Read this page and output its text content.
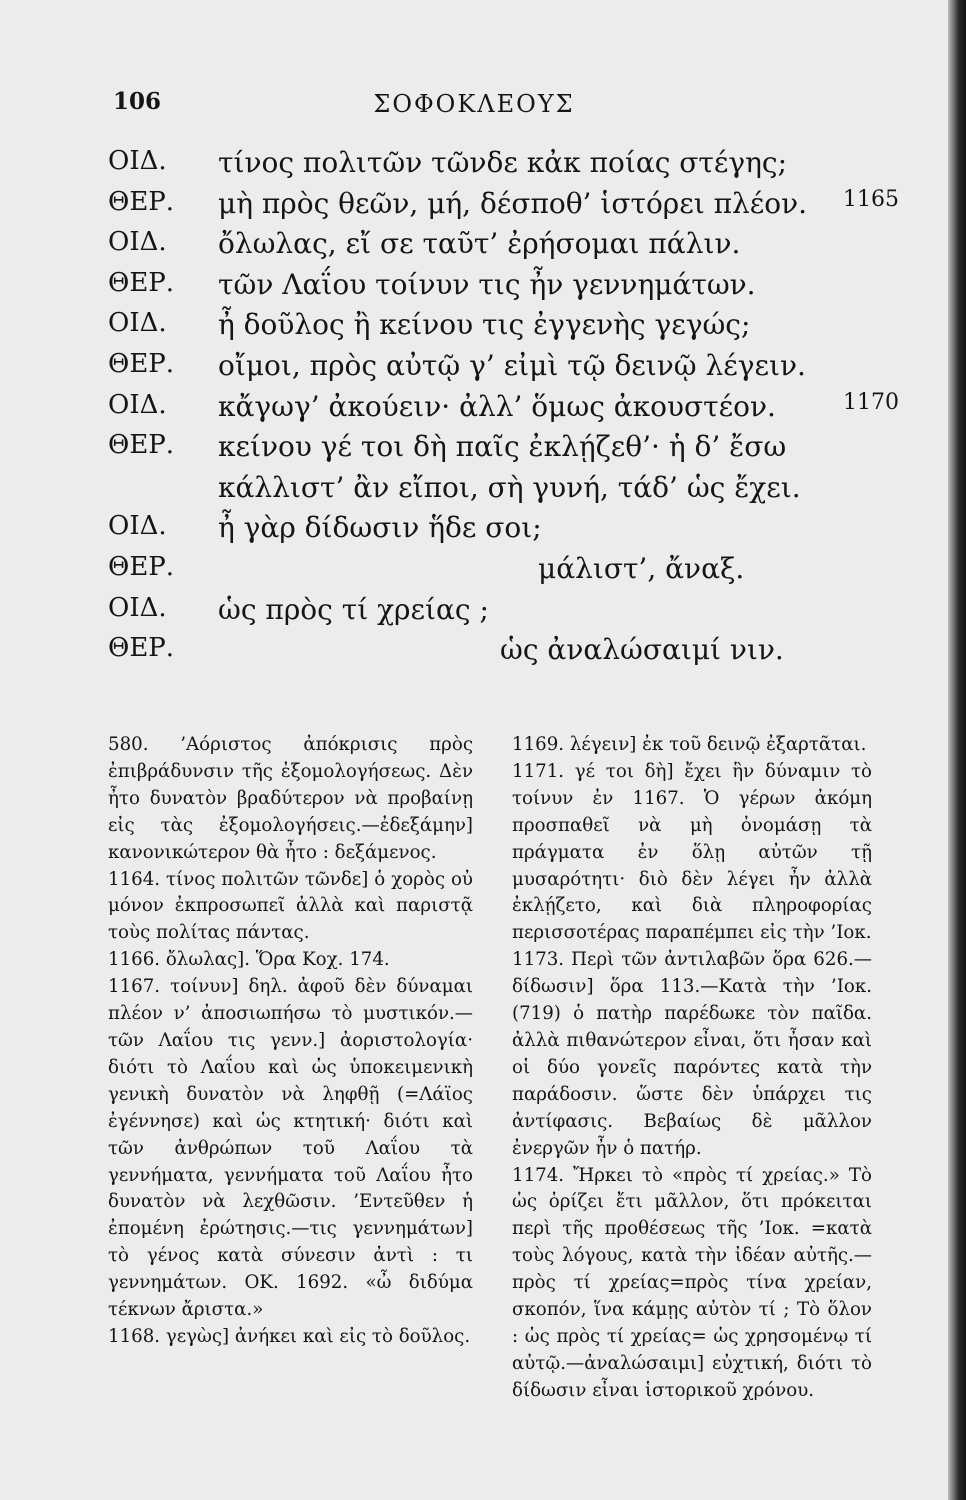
106	ΣΟΦΟΚΛΕΟΥΣ
ΟΙΔ. τίνος πολιτῶν τῶνδε κἀκ ποίας στέγης;
ΘΕΡ. μὴ πρὸς θεῶν, μή, δέσποθ’ ἱστόρει πλέον. 1165
ΟΙΔ. ὄλωλας, εἴ σε ταῦτ’ ἐρήσομαι πάλιν.
ΘΕΡ. τῶν Λαΐου τοίνυν τις ἦν γεννημάτων.
ΟΙΔ. ἦ δοῦλος ἢ κείνου τις ἐγγενὴς γεγώς;
ΘΕΡ. οἴμοι, πρὸς αὐτῷ γ’ εἰμὶ τῷ δεινῷ λέγειν.
ΟΙΔ. κἄγωγ’ ἀκούειν· ἀλλ’ ὅμως ἀκουστέον.	1170
ΘΕΡ. κείνου γέ τοι δὴ παῖς ἐκλῄζεθ’· ἡ δ’ ἔσω
κάλλιστ’ ἂν εἴποι, σὴ γυνή, τάδ’ ὡς ἔχει.
ΟΙΔ. ἦ γὰρ δίδωσιν ἥδε σοι;
ΘΕΡ.	μάλιστ’, ἄναξ.
ΟΙΔ. ὡς πρὸς τί χρείας ;
ΘΕΡ.	ὡς ἀναλώσαιμί νιν.

580. ’Αόριστος ἀπόκρισις πρὸς ἐπιβράδυνσιν τῆς ἐξομολογήσεως. Δὲν ἦτο δυνατὸν βραδύτερον νὰ προβαίνῃ εἰς τὰς ἐξομολογήσεις.—ἐδεξάμην] κανονικώτερον θὰ ἦτο : δεξάμενος.

1164. τίνος πολιτῶν τῶνδε] ὁ χορὸς οὐ μόνον ἐκπροσωπεῖ ἀλλὰ καὶ παριστᾷ τοὺς πολίτας πάντας.

1166. ὄλωλας]. Ὅρα Κοχ. 174.

1167. τοίνυν] δηλ. ἀφοῦ δὲν δύναμαι πλέον ν’ ἀποσιωπήσω τὸ μυστικόν.—τῶν Λαΐου τις γενν.] ἀοριστολογία· διότι τὸ Λαΐου καὶ ὡς ὑποκειμενικὴ γενικὴ δυνατὸν νὰ ληφθῇ (=Λάϊος ἐγέννησε) καὶ ὡς κτητική· διότι καὶ τῶν ἀνθρώπων τοῦ Λαΐου τὰ γεννήματα, γεννήματα τοῦ Λαΐου ἦτο δυνατὸν νὰ λεχθῶσιν. ’Εντεῦθεν ἡ ἐπομένη ἐρώτησις.—τις γεννημάτων] τὸ γένος κατὰ σύνεσιν ἀντὶ : τι γεννημάτων. ΟΚ. 1692. «ὦ διδύμα τέκνων ἄριστα.»

1168. γεγὼς] ἀνήκει καὶ εἰς τὸ δοῦλος.

1169. λέγειν] ἐκ τοῦ δεινῷ ἐξαρτᾶται.

1171. γέ τοι δὴ] ἔχει ἣν δύναμιν τὸ τοίνυν ἐν 1167. Ὁ γέρων ἀκόμη προσπαθεῖ νὰ μὴ ὀνομάσῃ τὰ πράγματα ἐν ὅλῃ αὐτῶν τῇ μυσαρότητι· διὸ δὲν λέγει ἦν ἀλλὰ ἐκλῄζετο, καὶ διὰ πληροφορίας περισσοτέρας παραπέμπει εἰς τὴν ’Ιοκ.

1173. Περὶ τῶν ἀντιλαβῶν ὅρα 626.—δίδωσιν] ὅρα 113.—Κατὰ τὴν ’Ιοκ. (719) ὁ πατὴρ παρέδωκε τὸν παῖδα. ἀλλὰ πιθανώτερον εἶναι, ὅτι ἦσαν καὶ οἱ δύο γονεῖς παρόντες κατὰ τὴν παράδοσιν. ὥστε δὲν ὑπάρχει τις ἀντίφασις. Βεβαίως δὲ μᾶλλον ἐνεργῶν ἦν ὁ πατήρ.

1174. Ἤρκει τὸ «πρὸς τί χρείας.» Τὸ ὡς ὁρίζει ἔτι μᾶλλον, ὅτι πρόκειται περὶ τῆς προθέσεως τῆς ’Ιοκ. =κατὰ τοὺς λόγους, κατὰ τὴν ἰδέαν αὐτῆς.—πρὸς τί χρείας=πρὸς τίνα χρείαν, σκοπόν, ἵνα κάμῃς αὐτὸν τί ; Τὸ ὅλον : ὡς πρὸς τί χρείας= ὡς χρησομένῳ τί αὐτῷ.—ἀναλώσαιμι] εὐχτική, διότι τὸ δίδωσιν εἶναι ἱστορικοῦ χρόνου.
